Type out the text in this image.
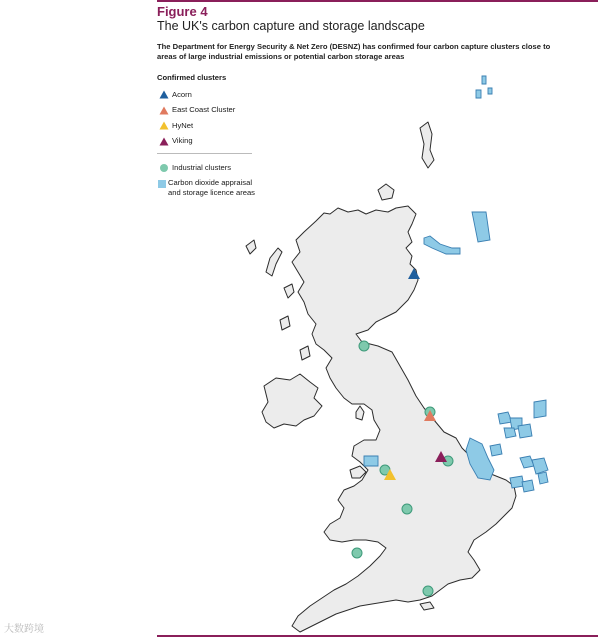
Figure 4
The UK's carbon capture and storage landscape
The Department for Energy Security & Net Zero (DESNZ) has confirmed four carbon capture clusters close to areas of large industrial emissions or potential carbon storage areas
Confirmed clusters
Acorn
East Coast Cluster
HyNet
Viking
Industrial clusters
Carbon dioxide appraisal and storage licence areas
大数跨境
